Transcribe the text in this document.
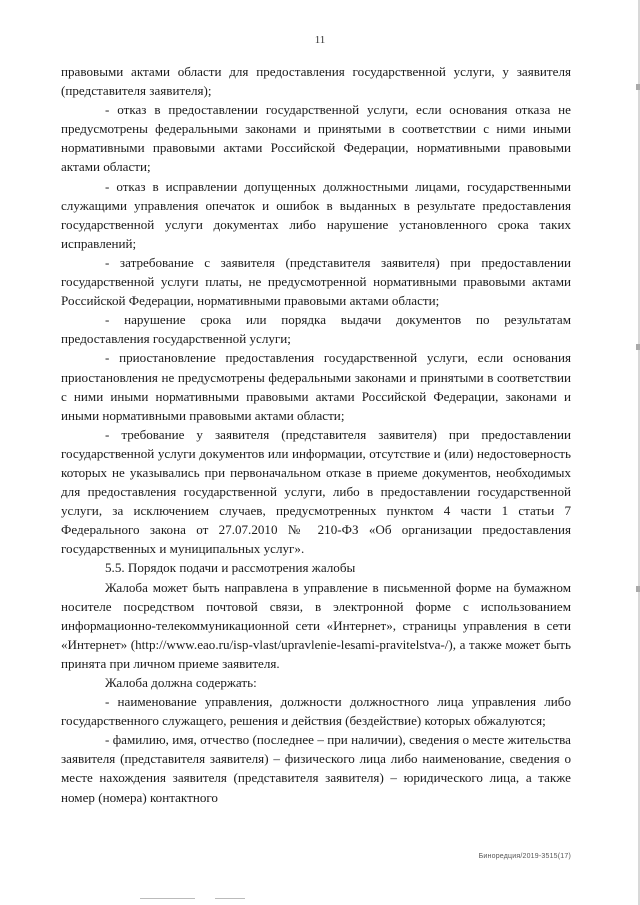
11

правовыми актами области для предоставления государственной услуги, у заявителя (представителя заявителя);

- отказ в предоставлении государственной услуги, если основания отказа не предусмотрены федеральными законами и принятыми в соответствии с ними иными нормативными правовыми актами Российской Федерации, нормативными правовыми актами области;

- отказ в исправлении допущенных должностными лицами, государственными служащими управления опечаток и ошибок в выданных в результате предоставления государственной услуги документах либо нарушение установленного срока таких исправлений;

- затребование с заявителя (представителя заявителя) при предоставлении государственной услуги платы, не предусмотренной нормативными правовыми актами Российской Федерации, нормативными правовыми актами области;

- нарушение срока или порядка выдачи документов по результатам предоставления государственной услуги;

- приостановление предоставления государственной услуги, если основания приостановления не предусмотрены федеральными законами и принятыми в соответствии с ними иными нормативными правовыми актами Российской Федерации, законами и иными нормативными правовыми актами области;

- требование у заявителя (представителя заявителя) при предоставлении государственной услуги документов или информации, отсутствие и (или) недостоверность которых не указывались при первоначальном отказе в приеме документов, необходимых для предоставления государственной услуги, либо в предоставлении государственной услуги, за исключением случаев, предусмотренных пунктом 4 части 1 статьи 7 Федерального закона от 27.07.2010 № 210-ФЗ «Об организации предоставления государственных и муниципальных услуг».

5.5. Порядок подачи и рассмотрения жалобы

Жалоба может быть направлена в управление в письменной форме на бумажном носителе посредством почтовой связи, в электронной форме с использованием информационно-телекоммуникационной сети «Интернет», страницы управления в сети «Интернет» (http://www.eao.ru/isp-vlast/upravlenie-lesami-pravitelstva-/), а также может быть принята при личном приеме заявителя.

Жалоба должна содержать:

- наименование управления, должности должностного лица управления либо государственного служащего, решения и действия (бездействие) которых обжалуются;

- фамилию, имя, отчество (последнее – при наличии), сведения о месте жительства заявителя (представителя заявителя) – физического лица либо наименование, сведения о месте нахождения заявителя (представителя заявителя) – юридического лица, а также номер (номера) контактного

Биноредция/2019-3515(17)
